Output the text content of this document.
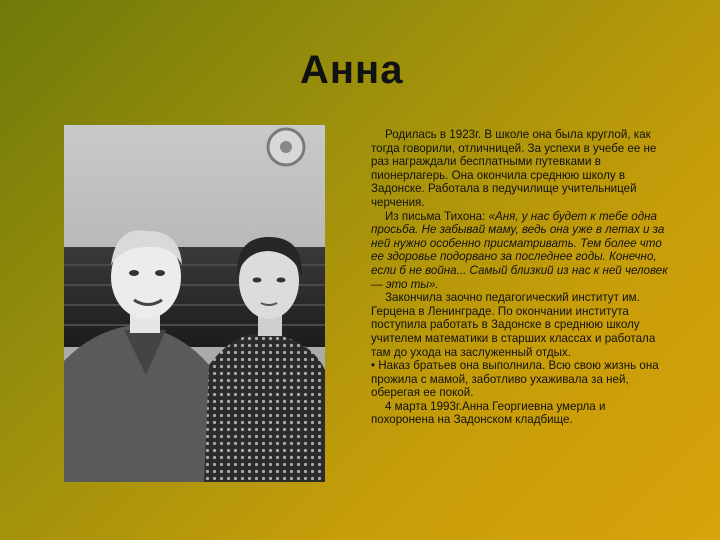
Анна

Родилась в 1923г. В школе она была круглой, как тогда говорили, отличницей. За успехи в учебе ее не раз награждали бесплатными путевками в пионерлагерь. Она окончила среднюю школу в Задонске. Работала в педучилище учительницей черчения.

Из письма Тихона: «Аня, у нас будет к тебе одна просьба. Не забывай маму, ведь она уже в летах и за ней нужно особенно присматривать. Тем более что ее здоровье подорвано за последнее годы. Конечно, если б не война... Самый близкий из нас к ней человек — это ты».

Закончила заочно педагогический институт им. Герцена в Ленинграде. По окончании института поступила работать в Задонске в среднюю школу учителем математики в старших классах и работала там до ухода на заслуженный отдых.

• Наказ братьев она выполнила. Всю свою жизнь она прожила с мамой, заботливо ухаживала за ней, оберегая ее покой.

4 марта 1993г.Анна Георгиевна умерла и похоронена на Задонском кладбище.
